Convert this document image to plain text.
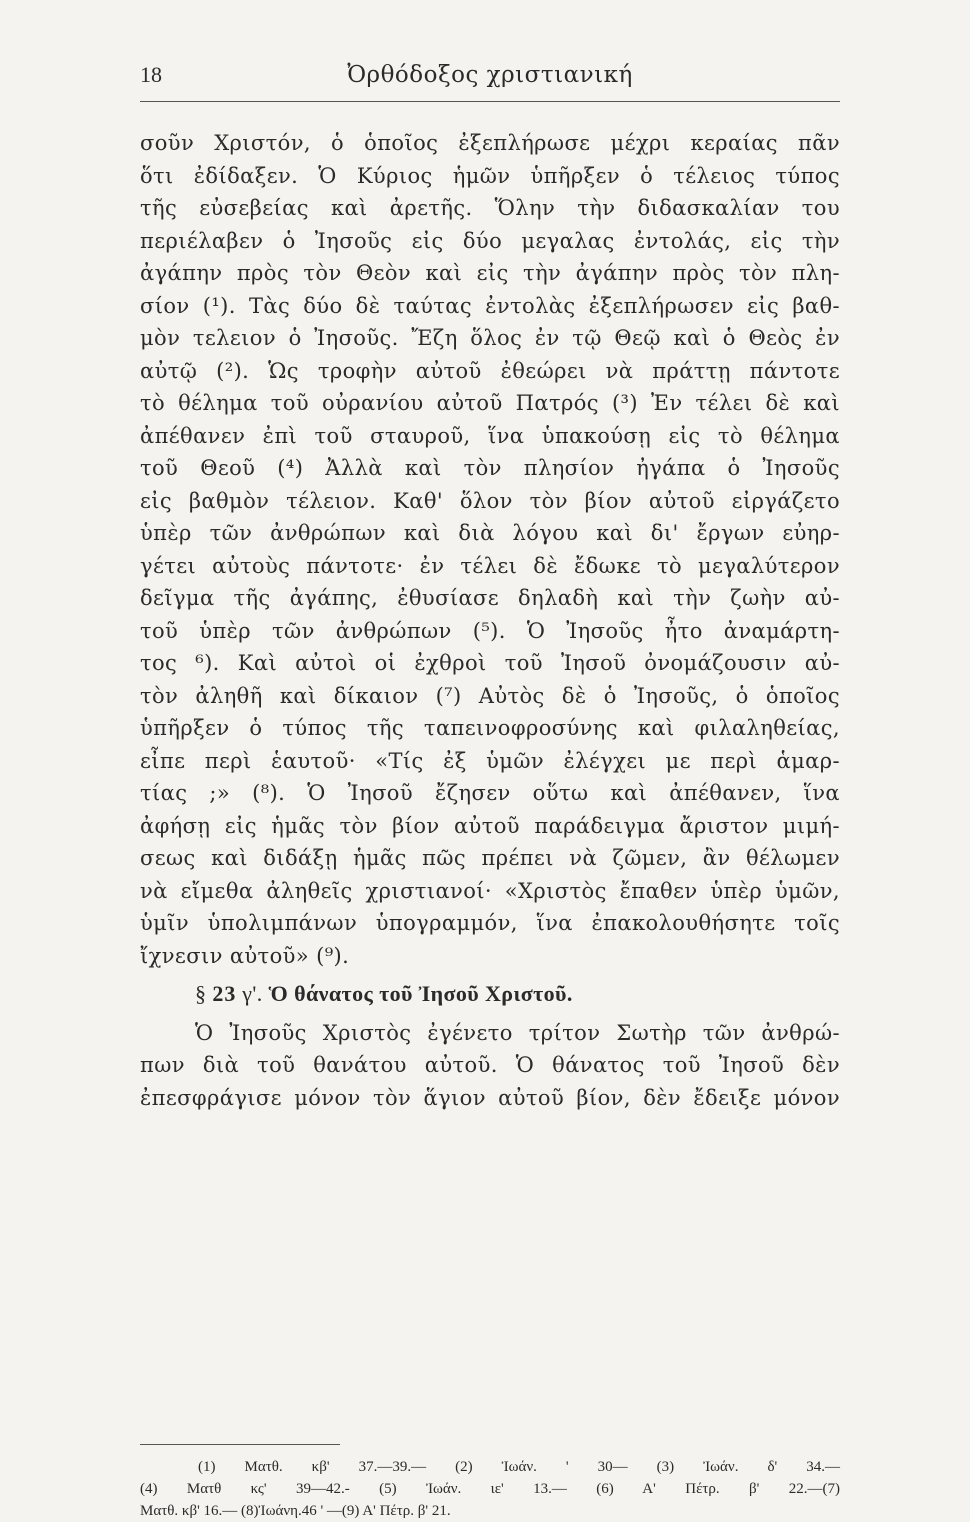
18	Ὀρθόδοξος χριστιανική
σοῦν Χριστόν, ὁ ὁποῖος ἐξεπλήρωσε μέχρι κεραίας πᾶν
ὅτι ἐδίδαξεν. Ὁ Κύριος ἡμῶν ὑπῆρξεν ὁ τέλειος τύπος
τῆς εὐσεβείας καὶ ἀρετῆς. Ὅλην τὴν διδασκαλίαν του
περιέλαβεν ὁ Ἰησοῦς εἰς δύο μεγαλας ἐντολάς, εἰς τὴν
ἀγάπην πρὸς τὸν Θεὸν καὶ εἰς τὴν ἀγάπην πρὸς τὸν πλη-
σίον (¹). Τὰς δύο δὲ ταύτας ἐντολὰς ἐξεπλήρωσεν εἰς βαθ-
μὸν τελειον ὁ Ἰησοῦς. Ἔζη ὅλος ἐν τῷ Θεῷ καὶ ὁ Θεὸς ἐν
αὐτῷ (²). Ὡς τροφὴν αὐτοῦ ἐθεώρει νὰ πράττῃ πάντοτε
τὸ θέλημα τοῦ οὐρανίου αὐτοῦ Πατρός (³) Ἐν τέλει δὲ καὶ
ἀπέθανεν ἐπὶ τοῦ σταυροῦ, ἵνα ὑπακούσῃ εἰς τὸ θέλημα
τοῦ Θεοῦ (⁴) Ἀλλὰ καὶ τὸν πλησίον ἠγάπα ὁ Ἰησοῦς
εἰς βαθμὸν τέλειον. Καθ' ὅλον τὸν βίον αὐτοῦ εἰργάζετο
ὑπὲρ τῶν ἀνθρώπων καὶ διὰ λόγου καὶ δι' ἔργων εὐηρ-
γέτει αὐτοὺς πάντοτε· ἐν τέλει δὲ ἔδωκε τὸ μεγαλύτερον
δεῖγμα τῆς ἀγάπης, ἐθυσίασε δηλαδὴ καὶ τὴν ζωὴν αὐ-
τοῦ ὑπὲρ τῶν ἀνθρώπων (⁵). Ὁ Ἰησοῦς ἦτο ἀναμάρτη-
τος ⁶). Καὶ αὐτοὶ οἱ ἐχθροὶ τοῦ Ἰησοῦ ὀνομάζουσιν αὐ-
τὸν ἀληθῆ καὶ δίκαιον (⁷) Αὐτὸς δὲ ὁ Ἰησοῦς, ὁ ὁποῖος
ὑπῆρξεν ὁ τύπος τῆς ταπεινοφροσύνης καὶ φιλαληθείας,
εἶπε περὶ ἑαυτοῦ· «Τίς ἐξ ὑμῶν ἐλέγχει με περὶ ἁμαρ-
τίας ;» (⁸). Ὁ Ἰησοῦ ἔζησεν οὕτω καὶ ἀπέθανεν, ἵνα
ἀφήσῃ εἰς ἡμᾶς τὸν βίον αὐτοῦ παράδειγμα ἄριστον μιμή-
σεως καὶ διδάξῃ ἡμᾶς πῶς πρέπει νὰ ζῶμεν, ἂν θέλωμεν
νὰ εἴμεθα ἀληθεῖς χριστιανοί· «Χριστὸς ἔπαθεν ὑπὲρ ὑμῶν,
ὑμῖν ὑπολιμπάνων ὑπογραμμόν, ἵνα ἐπακολουθήσητε τοῖς
ἴχνεσιν αὐτοῦ» (⁹).
§ 23 γ'. Ὁ θάνατος τοῦ Ἰησοῦ Χριστοῦ.
Ὁ Ἰησοῦς Χριστὸς ἐγένετο τρίτον Σωτὴρ τῶν ἀνθρώ-
πων διὰ τοῦ θανάτου αὐτοῦ. Ὁ θάνατος τοῦ Ἰησοῦ δὲν
ἐπεσφράγισε μόνον τὸν ἅγιον αὐτοῦ βίον, δὲν ἔδειξε μόνον
(1) Ματθ. κβ' 37.—39.— (2) Ἰωάν. ' 30— (3) Ἰωάν. δ' 34.—
(4) Ματθ κς' 39—42.- (5) Ἰωάν. ιε' 13.— (6) Α' Πέτρ. β' 22.—(7)
Ματθ. κβ' 16.— (8)Ἰωάνη.46 ' —(9) Α' Πέτρ. β' 21.
